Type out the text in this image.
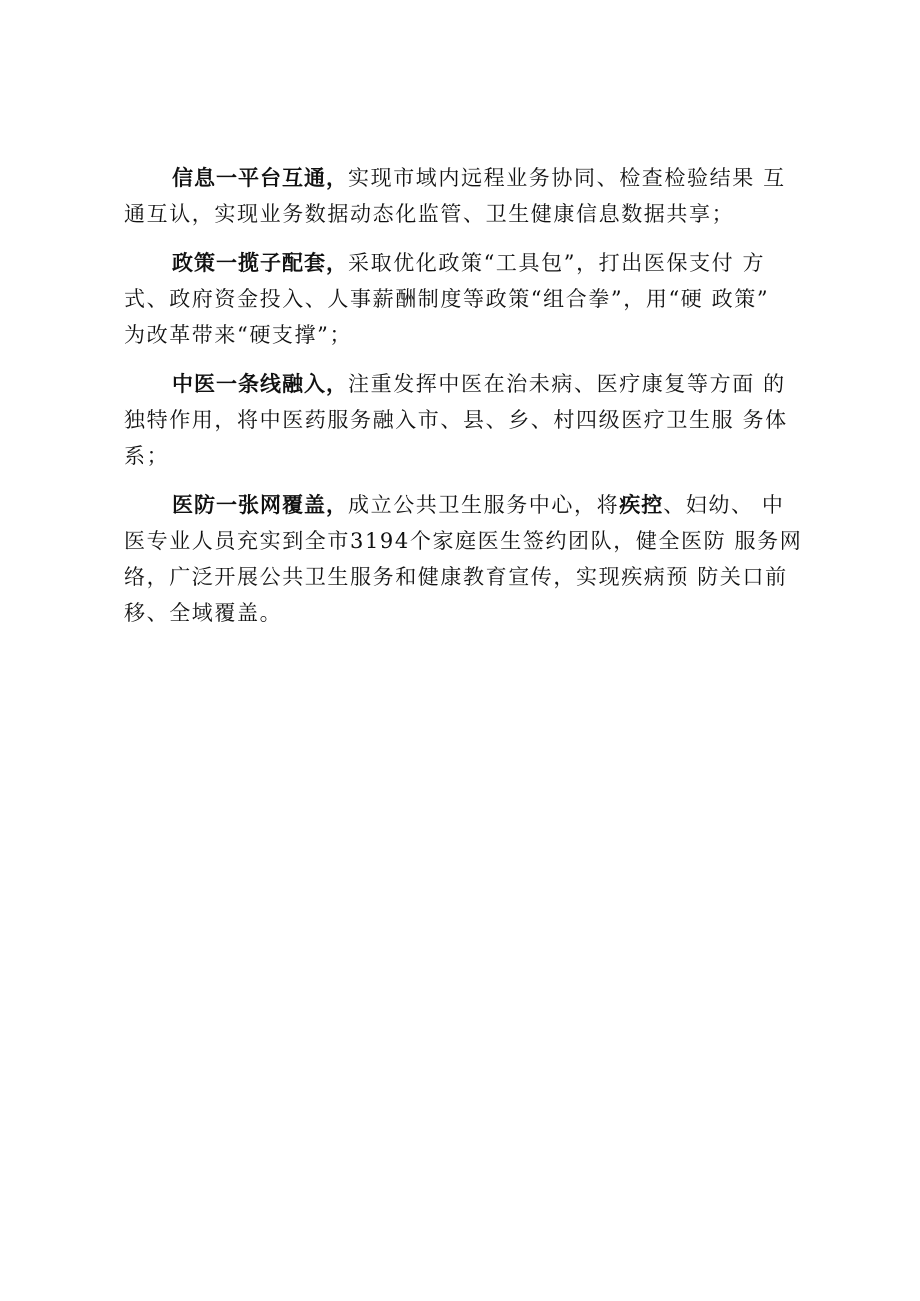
信息一平台互通，实现市域内远程业务协同、检查检验结果 互
通互认，实现业务数据动态化监管、卫生健康信息数据共享；
政策一揽子配套，采取优化政策“工具包”，打出医保支付 方
式、政府资金投入、人事薪酬制度等政策“组合拳”，用“硬 政策”
为改革带来“硬支撑”；
中医一条线融入，注重发挥中医在治未病、医疗康复等方面 的
独特作用，将中医药服务融入市、县、乡、村四级医疗卫生服 务体
系；
医防一张网覆盖，成立公共卫生服务中心，将疾控、妇幼、 中
医专业人员充实到全市3194个家庭医生签约团队，健全医防 服务网
络，广泛开展公共卫生服务和健康教育宣传，实现疾病预 防关口前
移、全域覆盖。
